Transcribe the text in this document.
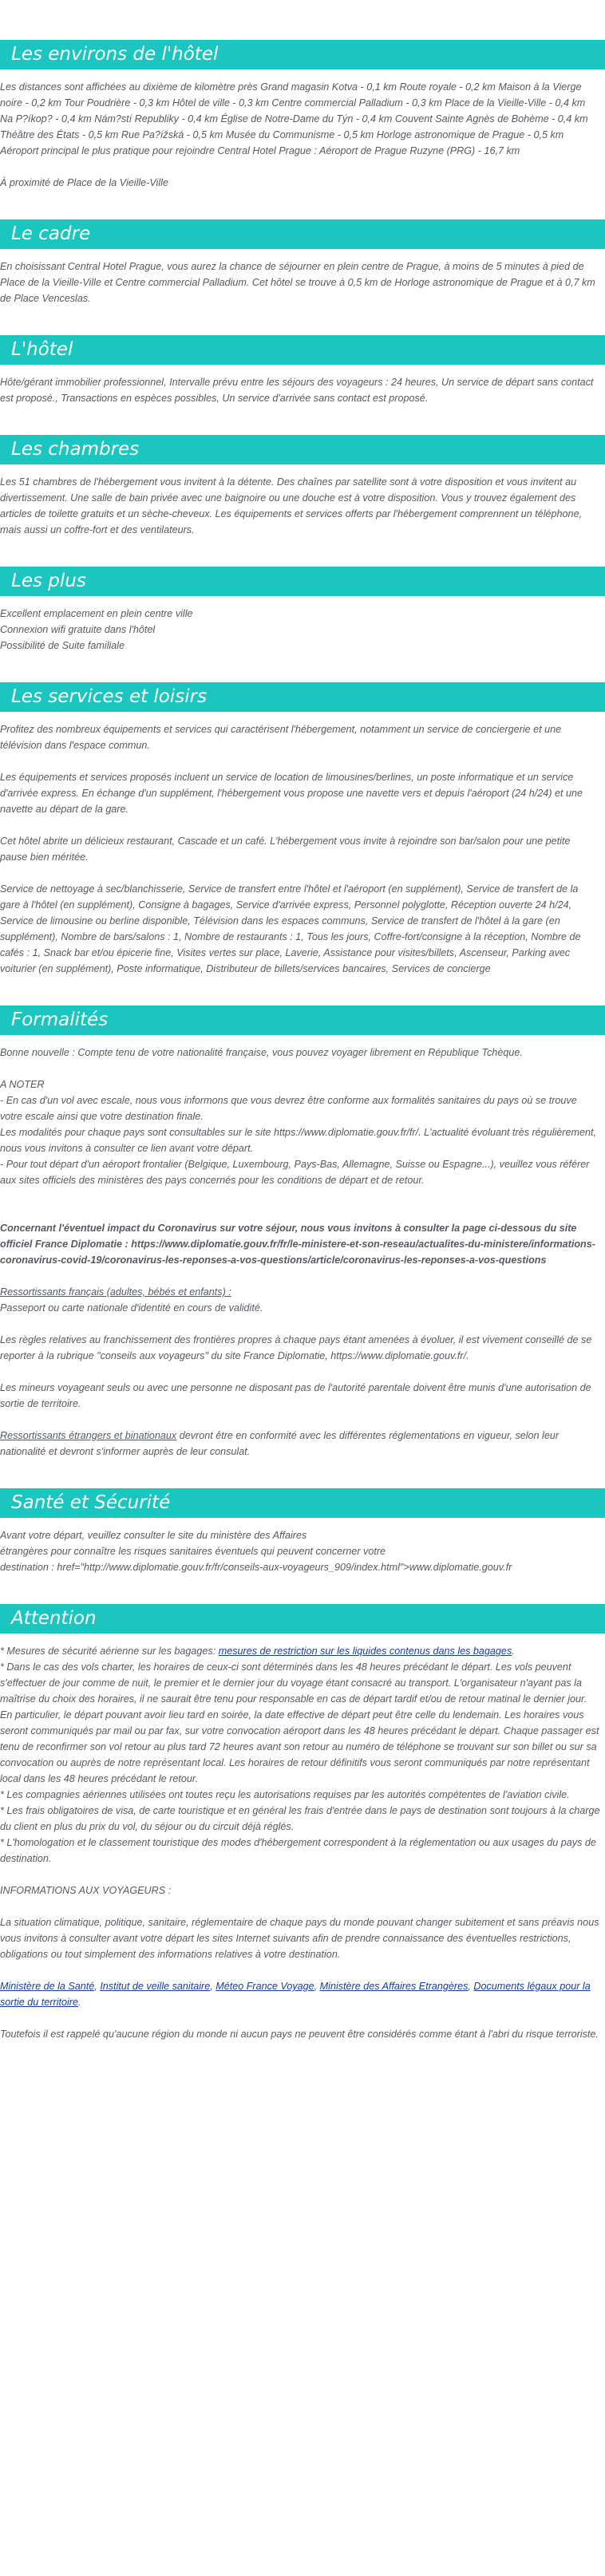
Les environs de l'hôtel

Les distances sont affichées au dixième de kilomètre près Grand magasin Kotva - 0,1 km Route royale - 0,2 km Maison à la Vierge noire - 0,2 km Tour Poudrière - 0,3 km Hôtel de ville - 0,3 km Centre commercial Palladium - 0,3 km Place de la Vieille-Ville - 0,4 km Na P?íkop? - 0,4 km Nám?stí Republiky - 0,4 km Église de Notre-Dame du Týn - 0,4 km Couvent Sainte Agnès de Bohème - 0,4 km Théâtre des États - 0,5 km Rue Pa?ížská - 0,5 km Musée du Communisme - 0,5 km Horloge astronomique de Prague - 0,5 km Aéroport principal le plus pratique pour rejoindre Central Hotel Prague : Aéroport de Prague Ruzyne (PRG) - 16,7 km

À proximité de Place de la Vieille-Ville

Le cadre

En choisissant Central Hotel Prague, vous aurez la chance de séjourner en plein centre de Prague, à moins de 5 minutes à pied de Place de la Vieille-Ville et Centre commercial Palladium. Cet hôtel se trouve à 0,5 km de Horloge astronomique de Prague et à 0,7 km de Place Venceslas.

L'hôtel

Hôte/gérant immobilier professionnel, Intervalle prévu entre les séjours des voyageurs : 24 heures, Un service de départ sans contact est proposé., Transactions en espèces possibles, Un service d'arrivée sans contact est proposé.

Les chambres

Les 51 chambres de l'hébergement vous invitent à la détente. Des chaînes par satellite sont à votre disposition et vous invitent au divertissement. Une salle de bain privée avec une baignoire ou une douche est à votre disposition. Vous y trouvez également des articles de toilette gratuits et un sèche-cheveux. Les équipements et services offerts par l'hébergement comprennent un téléphone, mais aussi un coffre-fort et des ventilateurs.

Les plus

Excellent emplacement en plein centre ville

Connexion wifi gratuite dans l'hôtel

Possibilité de Suite familiale

Les services et loisirs

Profitez des nombreux équipements et services qui caractérisent l'hébergement, notamment un service de conciergerie et une télévision dans l'espace commun.

Les équipements et services proposés incluent un service de location de limousines/berlines, un poste informatique et un service d'arrivée express. En échange d'un supplément, l'hébergement vous propose une navette vers et depuis l'aéroport (24 h/24) et une navette au départ de la gare.

Cet hôtel abrite un délicieux restaurant, Cascade et un café. L'hébergement vous invite à rejoindre son bar/salon pour une petite pause bien méritée.

Service de nettoyage à sec/blanchisserie, Service de transfert entre l'hôtel et l'aéroport (en supplément), Service de transfert de la gare à l'hôtel (en supplément), Consigne à bagages, Service d'arrivée express, Personnel polyglotte, Réception ouverte 24 h/24, Service de limousine ou berline disponible, Télévision dans les espaces communs, Service de transfert de l'hôtel à la gare (en supplément), Nombre de bars/salons : 1, Nombre de restaurants : 1, Tous les jours, Coffre-fort/consigne à la réception, Nombre de cafés : 1, Snack bar et/ou épicerie fine, Visites vertes sur place, Laverie, Assistance pour visites/billets, Ascenseur, Parking avec voiturier (en supplément), Poste informatique, Distributeur de billets/services bancaires, Services de concierge

Formalités

Bonne nouvelle : Compte tenu de votre nationalité française, vous pouvez voyager librement en République Tchèque.

A NOTER

- En cas d'un vol avec escale, nous vous informons que vous devrez être conforme aux formalités sanitaires du pays où se trouve votre escale ainsi que votre destination finale.

Les modalités pour chaque pays sont consultables sur le site https://www.diplomatie.gouv.fr/fr/. L'actualité évoluant très régulièrement, nous vous invitons à consulter ce lien avant votre départ.

- Pour tout départ d'un aéroport frontalier (Belgique, Luxembourg, Pays-Bas, Allemagne, Suisse ou Espagne...), veuillez vous référer aux sites officiels des ministères des pays concernés pour les conditions de départ et de retour.

Concernant l'éventuel impact du Coronavirus sur votre séjour, nous vous invitons à consulter la page ci-dessous du site officiel France Diplomatie : https://www.diplomatie.gouv.fr/fr/le-ministere-et-son-reseau/actualites-du-ministere/informations-coronavirus-covid-19/coronavirus-les-reponses-a-vos-questions/article/coronavirus-les-reponses-a-vos-questions

Ressortissants français (adultes, bébés et enfants) :

Passeport ou carte nationale d'identité en cours de validité.

Les règles relatives au franchissement des frontières propres à chaque pays étant amenées à évoluer, il est vivement conseillé de se reporter à la rubrique "conseils aux voyageurs" du site France Diplomatie, https://www.diplomatie.gouv.fr/.

Les mineurs voyageant seuls ou avec une personne ne disposant pas de l'autorité parentale doivent être munis d'une autorisation de sortie de territoire.

Ressortissants étrangers et binationaux devront être en conformité avec les différentes réglementations en vigueur, selon leur nationalité et devront s'informer auprès de leur consulat.

Santé et Sécurité

Avant votre départ, veuillez consulter le site du ministère des Affaires

étrangères pour connaître les risques sanitaires éventuels qui peuvent concerner votre

destination : href="http://www.diplomatie.gouv.fr/fr/conseils-aux-voyageurs_909/index.html">www.diplomatie.gouv.fr

Attention

* Mesures de sécurité aérienne sur les bagages: mesures de restriction sur les liquides contenus dans les bagages.

* Dans le cas des vols charter, les horaires de ceux-ci sont déterminés dans les 48 heures précédant le départ. Les vols peuvent s'effectuer de jour comme de nuit, le premier et le dernier jour du voyage étant consacré au transport. L'organisateur n'ayant pas la maîtrise du choix des horaires, il ne saurait être tenu pour responsable en cas de départ tardif et/ou de retour matinal le dernier jour. En particulier, le départ pouvant avoir lieu tard en soirée, la date effective de départ peut être celle du lendemain. Les horaires vous seront communiqués par mail ou par fax, sur votre convocation aéroport dans les 48 heures précédant le départ. Chaque passager est tenu de reconfirmer son vol retour au plus tard 72 heures avant son retour au numéro de téléphone se trouvant sur son billet ou sur sa convocation ou auprès de notre représentant local. Les horaires de retour définitifs vous seront communiqués par notre représentant local dans les 48 heures précédant le retour.

* Les compagnies aériennes utilisées ont toutes reçu les autorisations requises par les autorités compétentes de l'aviation civile.

* Les frais obligatoires de visa, de carte touristique et en général les frais d'entrée dans le pays de destination sont toujours à la charge du client en plus du prix du vol, du séjour ou du circuit déjà réglés.

* L'homologation et le classement touristique des modes d'hébergement correspondent à la réglementation ou aux usages du pays de destination.

INFORMATIONS AUX VOYAGEURS :

La situation climatique, politique, sanitaire, réglementaire de chaque pays du monde pouvant changer subitement et sans préavis nous vous invitons à consulter avant votre départ les sites Internet suivants afin de prendre connaissance des éventuelles restrictions, obligations ou tout simplement des informations relatives à votre destination.

Ministère de la Santé, Institut de veille sanitaire, Méteo France Voyage, Ministère des Affaires Etrangères, Documents légaux pour la sortie du territoire.

Toutefois il est rappelé qu'aucune région du monde ni aucun pays ne peuvent être considérés comme étant à l'abri du risque terroriste.
